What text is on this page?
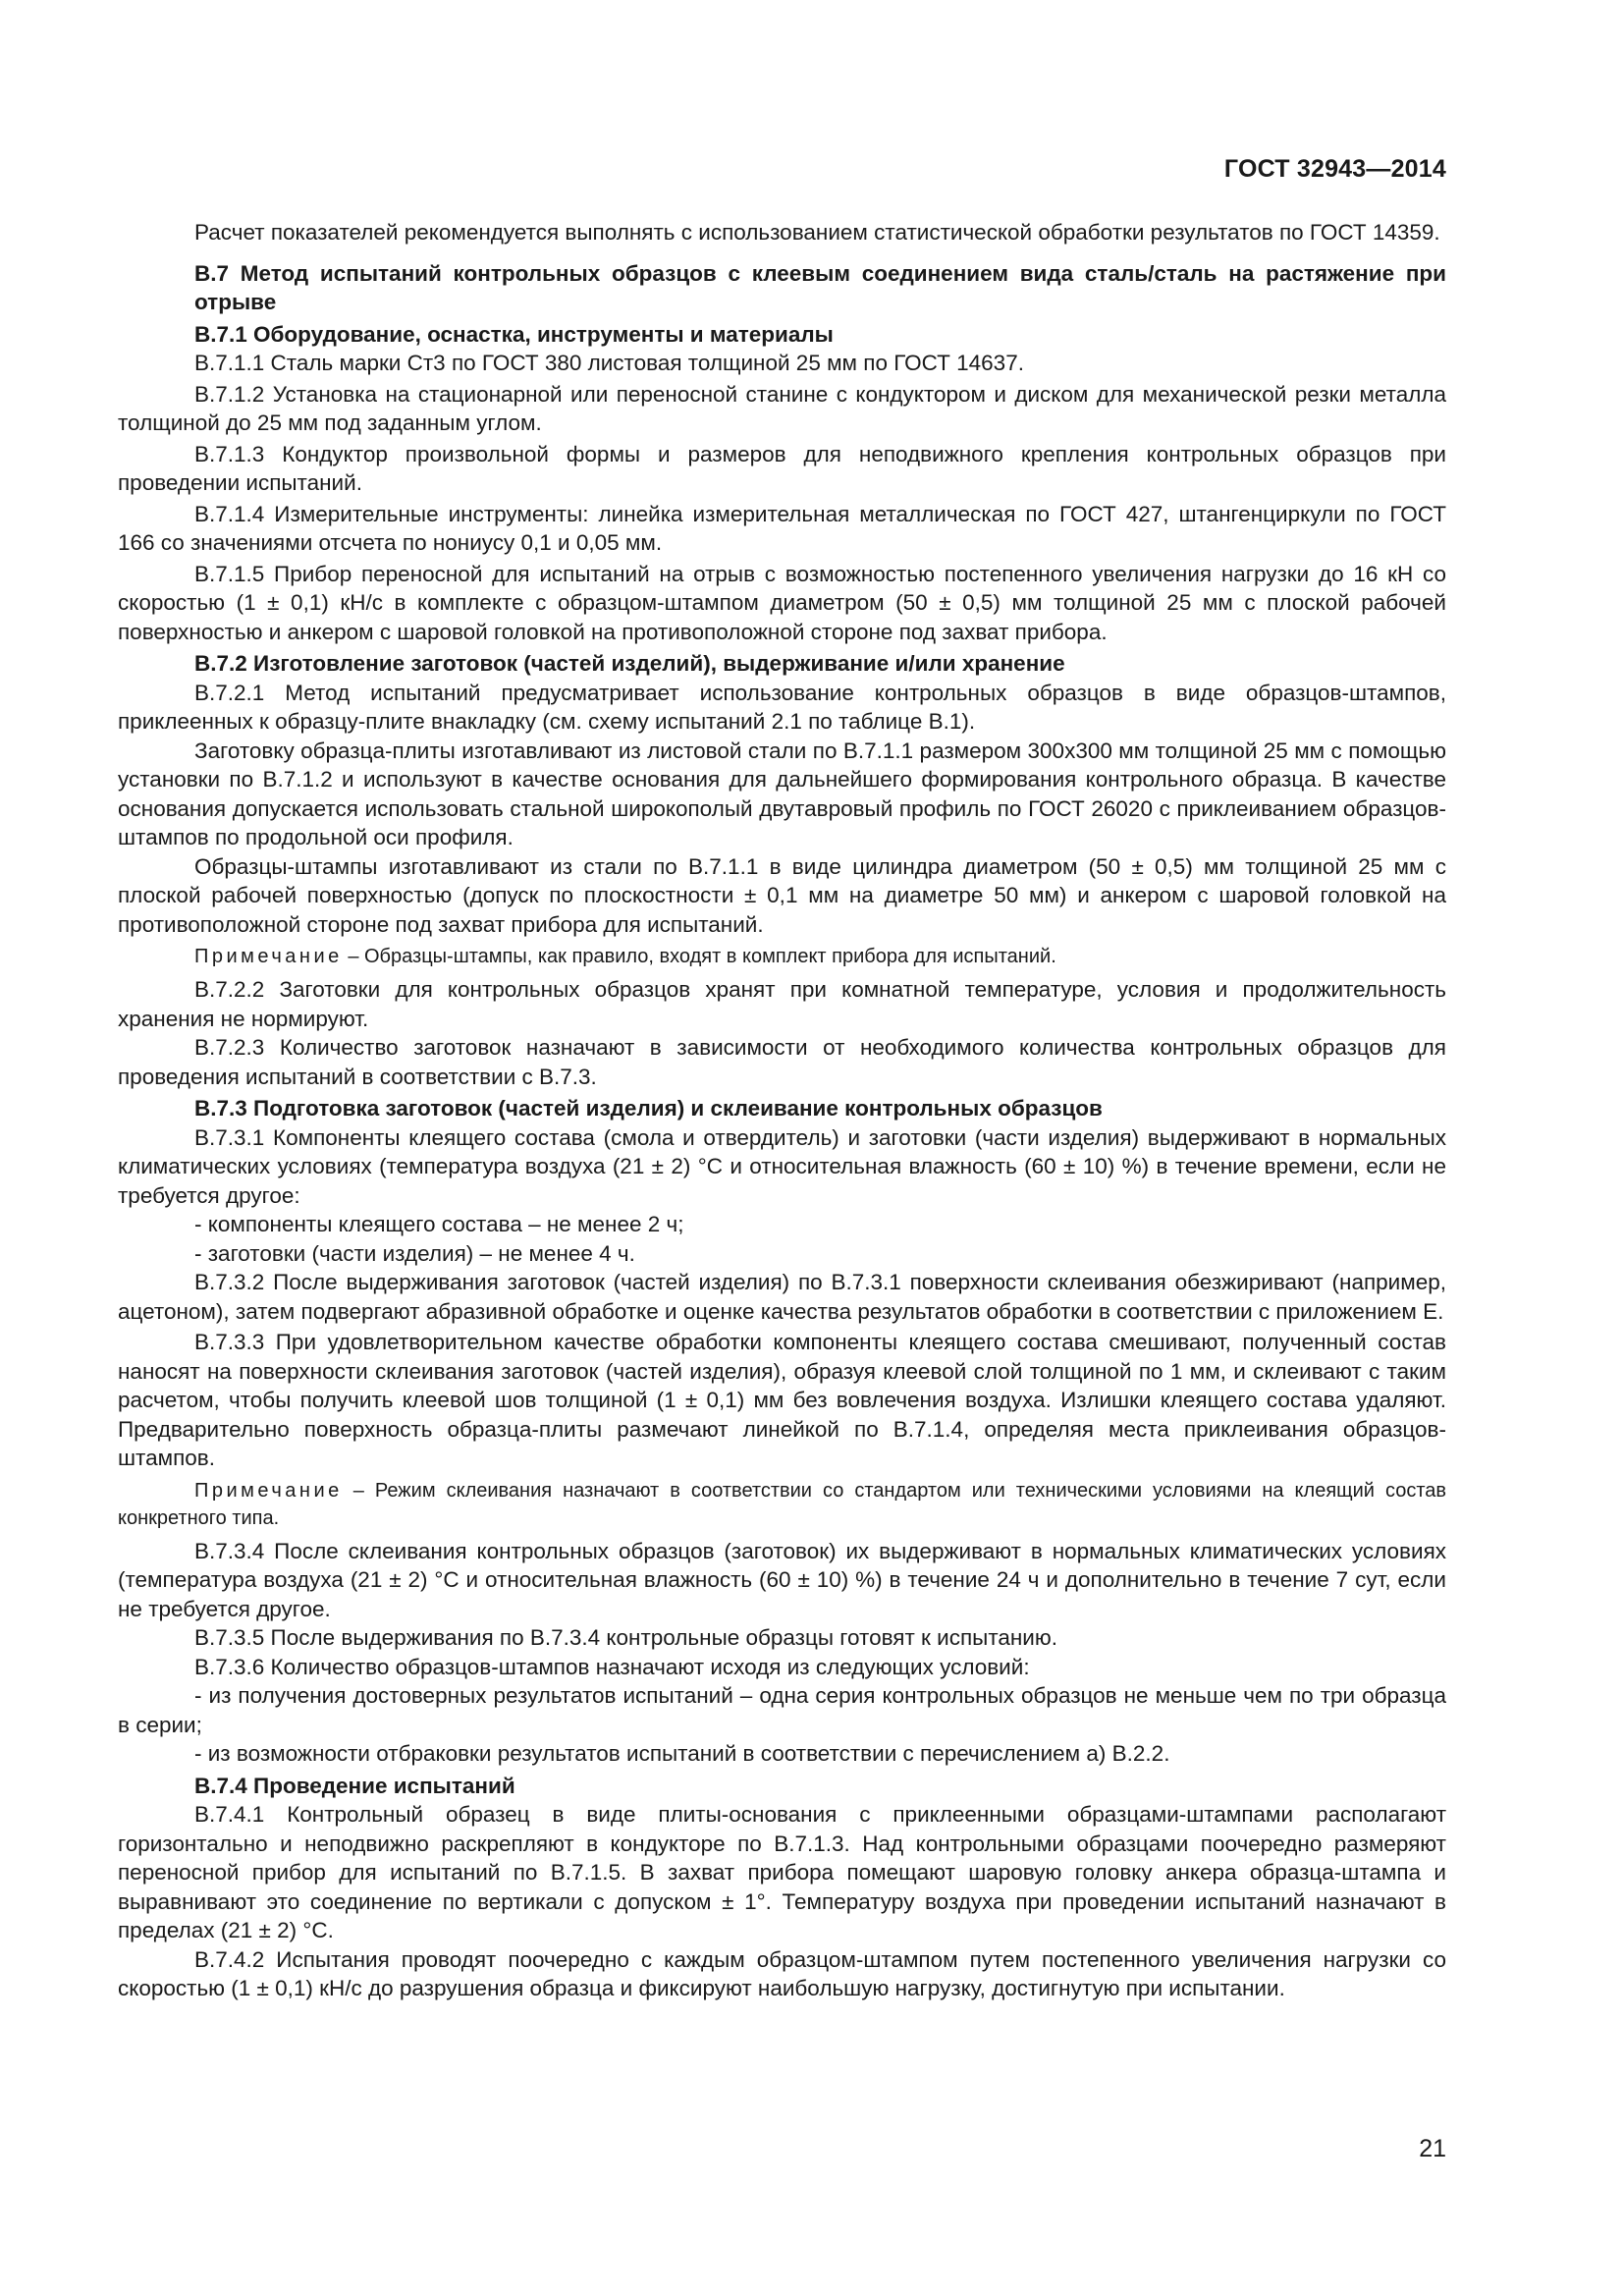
ГОСТ 32943—2014

Расчет показателей рекомендуется выполнять с использованием статистической обработки результатов по ГОСТ 14359.

В.7 Метод испытаний контрольных образцов с клеевым соединением вида сталь/сталь на растяжение при отрыве

В.7.1 Оборудование, оснастка, инструменты и материалы

В.7.1.1 Сталь марки Ст3 по ГОСТ 380 листовая толщиной 25 мм по ГОСТ 14637.

В.7.1.2 Установка на стационарной или переносной станине с кондуктором и диском для механической резки металла толщиной до 25 мм под заданным углом.

В.7.1.3 Кондуктор произвольной формы и размеров для неподвижного крепления контрольных образцов при проведении испытаний.

В.7.1.4 Измерительные инструменты: линейка измерительная металлическая по ГОСТ 427, штангенциркули по ГОСТ 166 со значениями отсчета по нониусу 0,1 и 0,05 мм.

В.7.1.5 Прибор переносной для испытаний на отрыв с возможностью постепенного увеличения нагрузки до 16 кН со скоростью (1 ± 0,1) кН/с в комплекте с образцом-штампом диаметром (50 ± 0,5) мм толщиной 25 мм с плоской рабочей поверхностью и анкером с шаровой головкой на противоположной стороне под захват прибора.

В.7.2 Изготовление заготовок (частей изделий), выдерживание и/или хранение

В.7.2.1 Метод испытаний предусматривает использование контрольных образцов в виде образцов-штампов, приклеенных к образцу-плите внакладку (см. схему испытаний 2.1 по таблице В.1).

Заготовку образца-плиты изготавливают из листовой стали по В.7.1.1 размером 300х300 мм толщиной 25 мм с помощью установки по В.7.1.2 и используют в качестве основания для дальнейшего формирования контрольного образца. В качестве основания допускается использовать стальной широкополый двутавровый профиль по ГОСТ 26020 с приклеиванием образцов-штампов по продольной оси профиля.

Образцы-штампы изготавливают из стали по В.7.1.1 в виде цилиндра диаметром (50 ± 0,5) мм толщиной 25 мм с плоской рабочей поверхностью (допуск по плоскостности ± 0,1 мм на диаметре 50 мм) и анкером с шаровой головкой на противоположной стороне под захват прибора для испытаний.

Примечание – Образцы-штампы, как правило, входят в комплект прибора для испытаний.

В.7.2.2 Заготовки для контрольных образцов хранят при комнатной температуре, условия и продолжительность хранения не нормируют.

В.7.2.3 Количество заготовок назначают в зависимости от необходимого количества контрольных образцов для проведения испытаний в соответствии с В.7.3.

В.7.3 Подготовка заготовок (частей изделия) и склеивание контрольных образцов

В.7.3.1 Компоненты клеящего состава (смола и отвердитель) и заготовки (части изделия) выдерживают в нормальных климатических условиях (температура воздуха (21 ± 2) °С и относительная влажность (60 ± 10) %) в течение времени, если не требуется другое:

- компоненты клеящего состава – не менее 2 ч;

- заготовки (части изделия) – не менее 4 ч.

В.7.3.2 После выдерживания заготовок (частей изделия) по В.7.3.1 поверхности склеивания обезжиривают (например, ацетоном), затем подвергают абразивной обработке и оценке качества результатов обработки в соответствии с приложением Е.

В.7.3.3 При удовлетворительном качестве обработки компоненты клеящего состава смешивают, полученный состав наносят на поверхности склеивания заготовок (частей изделия), образуя клеевой слой толщиной по 1 мм, и склеивают с таким расчетом, чтобы получить клеевой шов толщиной (1 ± 0,1) мм без вовлечения воздуха. Излишки клеящего состава удаляют. Предварительно поверхность образца-плиты размечают линейкой по В.7.1.4, определяя места приклеивания образцов-штампов.

Примечание – Режим склеивания назначают в соответствии со стандартом или техническими условиями на клеящий состав конкретного типа.

В.7.3.4 После склеивания контрольных образцов (заготовок) их выдерживают в нормальных климатических условиях (температура воздуха (21 ± 2) °С и относительная влажность (60 ± 10) %) в течение 24 ч и дополнительно в течение 7 сут, если не требуется другое.

В.7.3.5 После выдерживания по В.7.3.4 контрольные образцы готовят к испытанию.

В.7.3.6 Количество образцов-штампов назначают исходя из следующих условий:

- из получения достоверных результатов испытаний – одна серия контрольных образцов не меньше чем по три образца в серии;

- из возможности отбраковки результатов испытаний в соответствии с перечислением а) В.2.2.

В.7.4 Проведение испытаний

В.7.4.1 Контрольный образец в виде плиты-основания с приклеенными образцами-штампами располагают горизонтально и неподвижно раскрепляют в кондукторе по В.7.1.3. Над контрольными образцами поочередно размеряют переносной прибор для испытаний по В.7.1.5. В захват прибора помещают шаровую головку анкера образца-штампа и выравнивают это соединение по вертикали с допуском ± 1°. Температуру воздуха при проведении испытаний назначают в пределах (21 ± 2) °С.

В.7.4.2 Испытания проводят поочередно с каждым образцом-штампом путем постепенного увеличения нагрузки со скоростью (1 ± 0,1) кН/с до разрушения образца и фиксируют наибольшую нагрузку, достигнутую при испытании.

21
